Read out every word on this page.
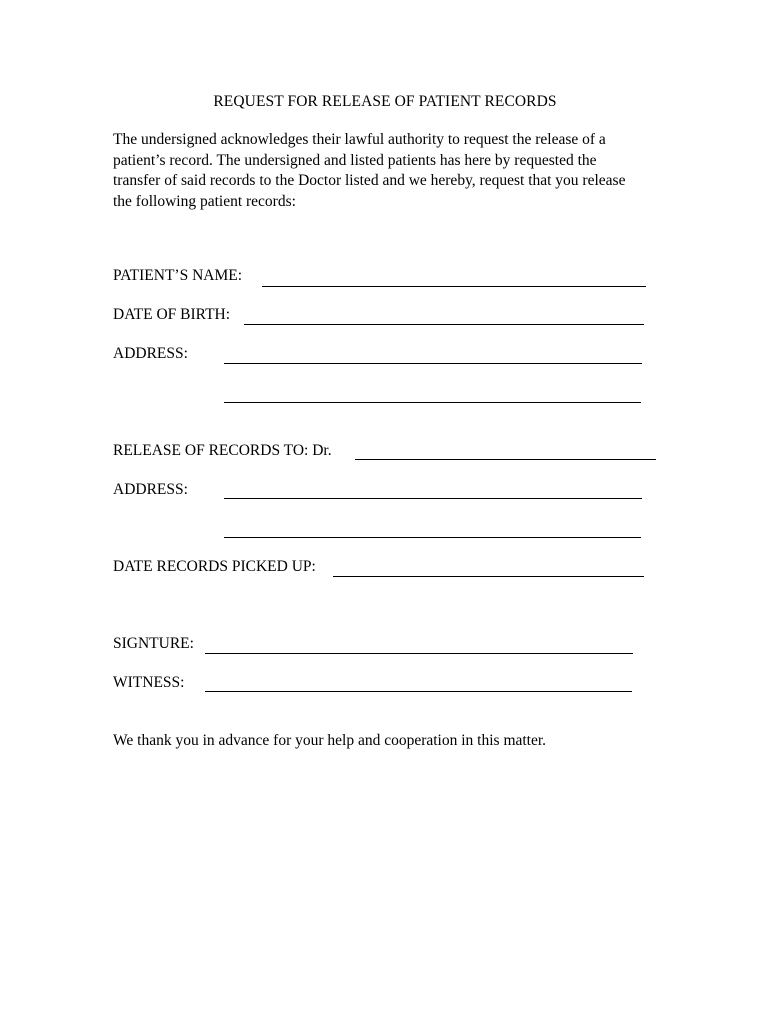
REQUEST FOR RELEASE OF PATIENT RECORDS
The undersigned acknowledges their lawful authority to request the release of a
patient’s record. The undersigned and listed patients has here by requested the
transfer of said records to the Doctor listed and we hereby, request that you release
the following patient records:
PATIENT’S NAME:
DATE OF BIRTH:
ADDRESS:
RELEASE OF RECORDS TO: Dr.
ADDRESS:
DATE RECORDS PICKED UP:
SIGNTURE:
WITNESS:
We thank you in advance for your help and cooperation in this matter.
